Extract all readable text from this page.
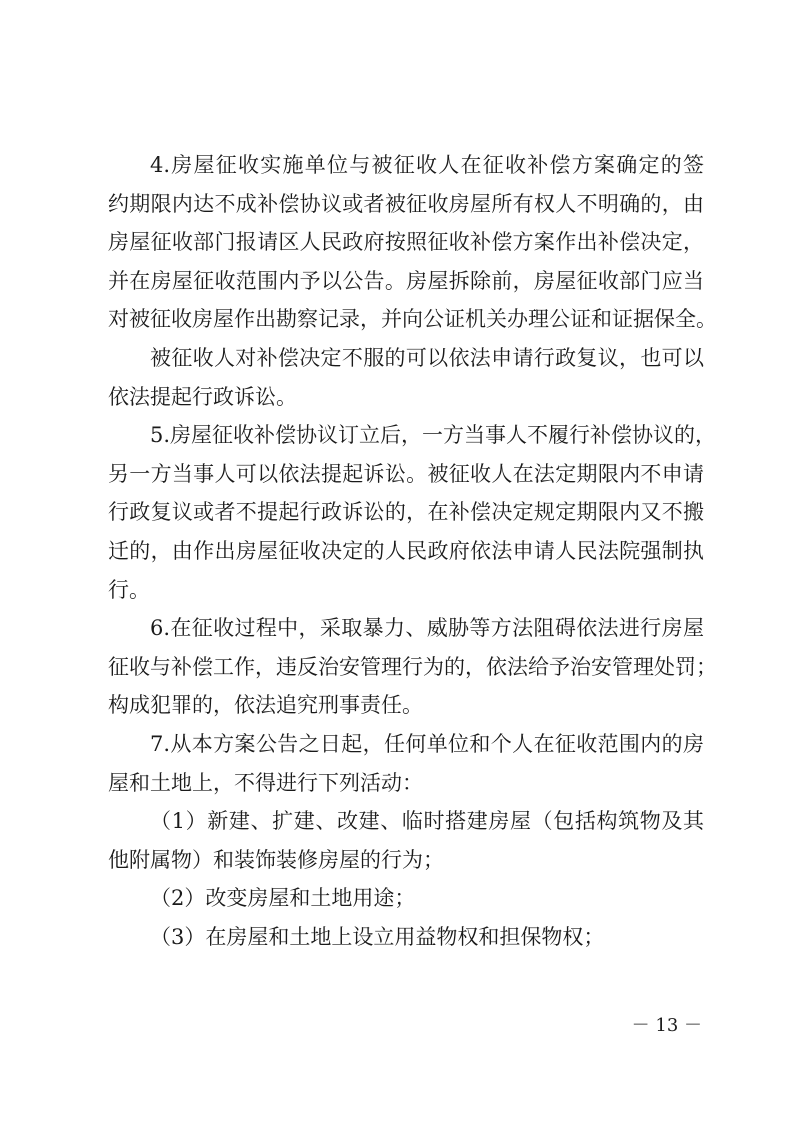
4.房屋征收实施单位与被征收人在征收补偿方案确定的签
约期限内达不成补偿协议或者被征收房屋所有权人不明确的，由
房屋征收部门报请区人民政府按照征收补偿方案作出补偿决定，
并在房屋征收范围内予以公告。房屋拆除前，房屋征收部门应当
对被征收房屋作出勘察记录，并向公证机关办理公证和证据保全。
被征收人对补偿决定不服的可以依法申请行政复议，也可以
依法提起行政诉讼。
5.房屋征收补偿协议订立后，一方当事人不履行补偿协议的，
另一方当事人可以依法提起诉讼。被征收人在法定期限内不申请
行政复议或者不提起行政诉讼的，在补偿决定规定期限内又不搬
迁的，由作出房屋征收决定的人民政府依法申请人民法院强制执
行。
6.在征收过程中，采取暴力、威胁等方法阻碍依法进行房屋
征收与补偿工作，违反治安管理行为的，依法给予治安管理处罚；
构成犯罪的，依法追究刑事责任。
7.从本方案公告之日起，任何单位和个人在征收范围内的房
屋和土地上，不得进行下列活动：
（1）新建、扩建、改建、临时搭建房屋（包括构筑物及其
他附属物）和装饰装修房屋的行为；
（2）改变房屋和土地用途；
（3）在房屋和土地上设立用益物权和担保物权；
－ 13 －
